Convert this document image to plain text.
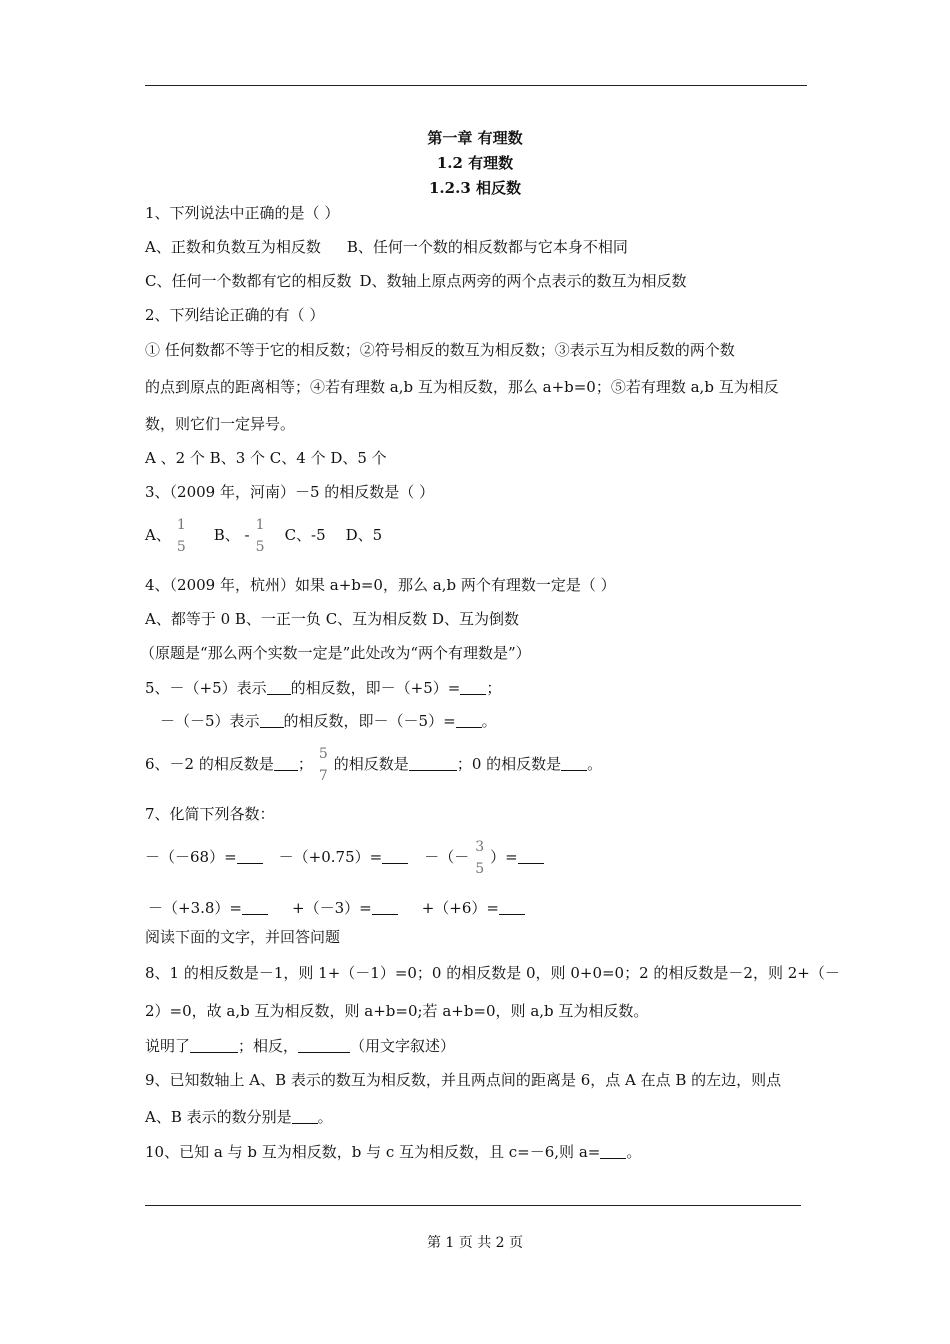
第一章 有理数
1.2 有理数
1.2.3 相反数
1、下列说法中正确的是（ ）
A、正数和负数互为相反数 B、任何一个数的相反数都与它本身不相同
C、任何一个数都有它的相反数 D、数轴上原点两旁的两个点表示的数互为相反数
2、下列结论正确的有（ ）
① 任何数都不等于它的相反数；②符号相反的数互为相反数；③表示互为相反数的两个数
的点到原点的距离相等；④若有理数 a,b 互为相反数，那么 a+b=0；⑤若有理数 a,b 互为相反
数，则它们一定异号。
A 、2 个 B、3 个 C、4 个 D、5 个
3、（2009 年，河南）－5 的相反数是（ ）
A、
1
5
B、 -
1
5
C、-5 D、5
4、（2009 年，杭州）如果 a+b=0，那么 a,b 两个有理数一定是（ ）
A、都等于 0 B、一正一负 C、互为相反数 D、互为倒数
（原题是“那么两个实数一定是”此处改为“两个有理数是”）
5、－（+5）表示 的相反数，即－（+5）= ；
－（－5）表示 的相反数，即－（－5）= 。
6、－2 的相反数是 ；
5
7
的相反数是	；0 的相反数是 。
7、化简下列各数：
－（－68）=	－（+0.75）=	－（－
3
5
）=
－（+3.8）=	+（－3）=	+（+6）=
阅读下面的文字，并回答问题
8、1 的相反数是－1，则 1+（－1）=0；0 的相反数是 0，则 0+0=0；2 的相反数是－2，则 2+（－
2）=0，故 a,b 互为相反数，则 a+b=0;若 a+b=0，则 a,b 互为相反数。
说明了	；相反，	（用文字叙述）
9、已知数轴上 A、B 表示的数互为相反数，并且两点间的距离是 6，点 A 在点 B 的左边，则点
A、B 表示的数分别是 。
10、已知 a 与 b 互为相反数，b 与 c 互为相反数，且 c=－6,则 a= 。
第 1 页 共 2 页
